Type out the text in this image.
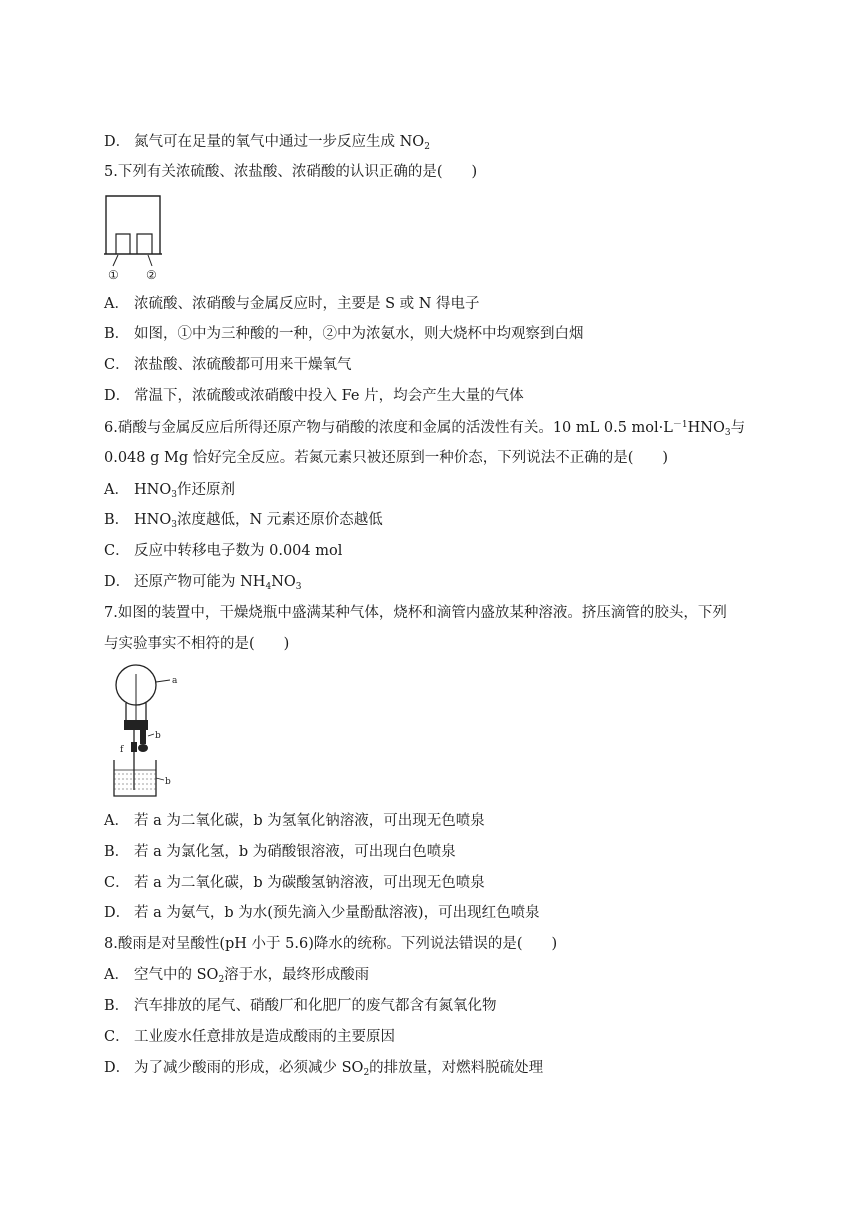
D． 氮气可在足量的氧气中通过一步反应生成 $NO_2$
5.下列有关浓硫酸、浓盐酸、浓硝酸的认识正确的是(　　)
① ②
A． 浓硫酸、浓硝酸与金属反应时，主要是 S 或 N 得电子
B． 如图，①中为三种酸的一种，②中为浓氨水，则大烧杯中均观察到白烟
C． 浓盐酸、浓硫酸都可用来干燥氧气
D． 常温下，浓硫酸或浓硝酸中投入 Fe 片，均会产生大量的气体
6.硝酸与金属反应后所得还原产物与硝酸的浓度和金属的活泼性有关。10 mL 0.5 $mol\cdot L^{-1}HNO_3$与
0.048 g Mg 恰好完全反应。若氮元素只被还原到一种价态，下列说法不正确的是(　　)
A． $HNO_3$作还原剂
B． $HNO_3$浓度越低，N 元素还原价态越低
C． 反应中转移电子数为 0.004 mol
D． 还原产物可能为 $NH_4NO_3$
7.如图的装置中，干燥烧瓶中盛满某种气体，烧杯和滴管内盛放某种溶液。挤压滴管的胶头，下列
与实验事实不相符的是(　　)
a
b
f
b
A． 若 a 为二氧化碳，b 为氢氧化钠溶液，可出现无色喷泉
B． 若 a 为氯化氢，b 为硝酸银溶液，可出现白色喷泉
C． 若 a 为二氧化碳，b 为碳酸氢钠溶液，可出现无色喷泉
D． 若 a 为氨气，b 为水(预先滴入少量酚酞溶液)，可出现红色喷泉
8.酸雨是对呈酸性(pH 小于 5.6)降水的统称。下列说法错误的是(　　)
A． 空气中的 $SO_2$溶于水，最终形成酸雨
B． 汽车排放的尾气、硝酸厂和化肥厂的废气都含有氮氧化物
C． 工业废水任意排放是造成酸雨的主要原因
D． 为了减少酸雨的形成，必须减少 $SO_2$的排放量，对燃料脱硫处理
